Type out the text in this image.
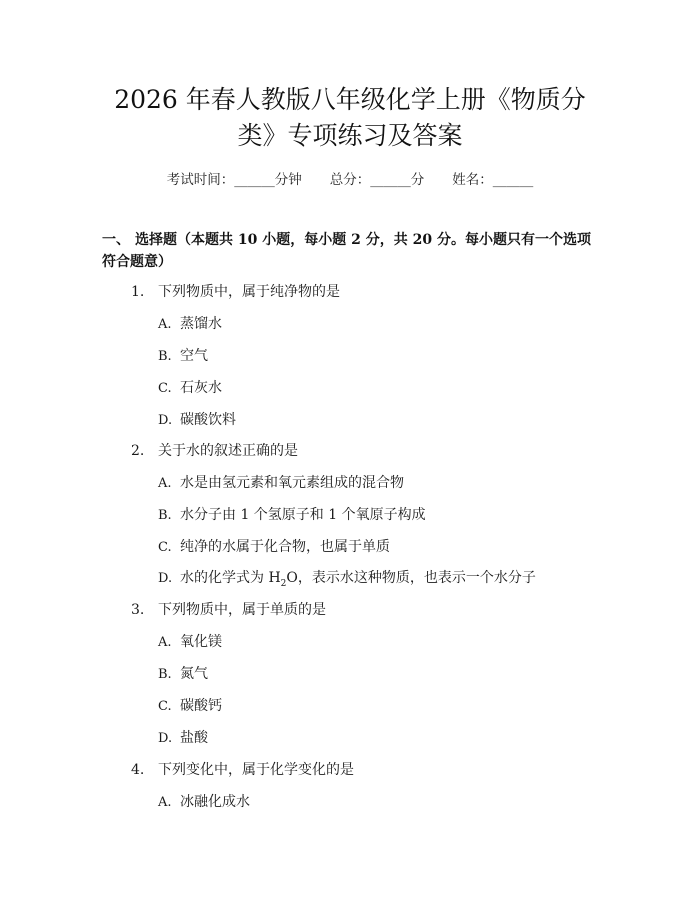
2026 年春人教版八年级化学上册《物质分
类》专项练习及答案
考试时间：______分钟 总分：______分 姓名：______
一、 选择题（本题共 10 小题，每小题 2 分，共 20 分。每小题只有一个选项符合题意）
1. 下列物质中，属于纯净物的是
A. 蒸馏水
B. 空气
C. 石灰水
D. 碳酸饮料
2. 关于水的叙述正确的是
A. 水是由氢元素和氧元素组成的混合物
B. 水分子由 1 个氢原子和 1 个氧原子构成
C. 纯净的水属于化合物，也属于单质
D. 水的化学式为 $H_2O$，表示水这种物质，也表示一个水分子
3. 下列物质中，属于单质的是
A. 氧化镁
B. 氮气
C. 碳酸钙
D. 盐酸
4. 下列变化中，属于化学变化的是
A. 冰融化成水
